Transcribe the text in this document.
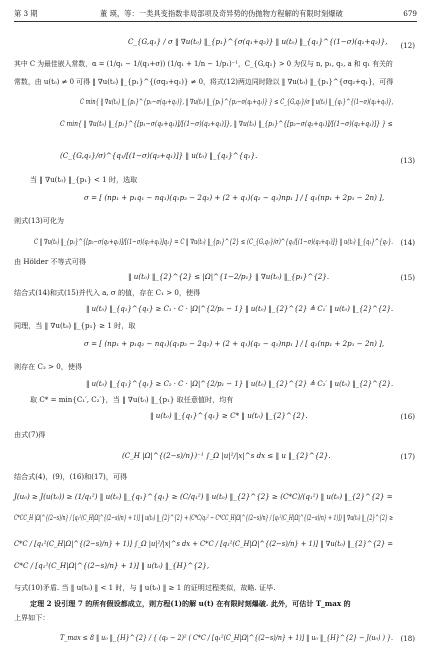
第 3 期	董 瑛，等：一类具变指数非局部项及奇异势的伪抛物方程解的有限时刻爆破	679
C_{G,q₁} / σ ‖ ∇u(t₀) ‖_{p₁}^{σ(q₁+q₂)} ‖ u(t₀) ‖_{q₁}^{(1−σ)(q₁+q₂)}, (12)
其中 C 为最佳嵌入常数，α = (1/q₁ − 1/(q₁+σ)) (1/q₁ + 1/n − 1/p₁)⁻¹，C_{G,q₁} > 0 为仅与 n, p₁, q₂, a 和 q₁ 有关的
常数，由 u(t₀) ≠ 0 可得 ‖ ∇u(t₀) ‖_{p₁}^{(σq₂+q₁)} ≠ 0，将式(12)两边同时除以 ‖ ∇u(t₀) ‖_{p₁}^{σq₂+q₁}，可得
C min{ ‖ ∇u(t₀) ‖_{p₁}^{p₁−σ(q₂+q₁)}, ‖ ∇u(t₀) ‖_{p₁}^{p₂−σ(q₂+q₁)} } ≤ C_{G,q₁}/σ ‖ u(t₀) ‖_{q₁}^{(1−σ)(q₂+q₁)},
C min{ ‖ ∇u(t₀) ‖_{p₁}^{[p₁−σ(q₂+q₁)]/[(1−σ)(q₂+q₁)]}, ‖ ∇u(t₀) ‖_{p₁}^{[p₂−σ(q₂+q₁)]/[(1−σ)(q₂+q₁)]} } ≤
(C_{G,q₁}/σ)^{q₁/[(1−σ)(q₂+q₁)]} ‖ u(t₀) ‖_{q₁}^{q₁}.
(13)
当 ‖ ∇u(t₀) ‖_{p₁} < 1 时，选取
σ = [ (np₁ + p₁q₁ − nq₁)(q₁p₂ − 2q₂) + (2 + q₁)(q₂ − q₁)np₁ ] / [ q₁(np₁ + 2p₁ − 2n) ],
则式(13)可化为
C ‖ ∇u(t₀) ‖_{p₁}^{[p₂−σ(q₂+q₁)]/[(1−σ)(q₂+q₁)]q₁} = C ‖ ∇u(t₀) ‖_{p₁}^{2} ≤ (C_{G,q₁}/σ)^{q₁/[(1−σ)(q₂+q₁)]} ‖ u(t₀) ‖_{q₁}^{q₁}. (14)
由 Hölder 不等式可得
‖ u(t₀) ‖_{2}^{2} ≤ |Ω|^{1−2/p₁} ‖ ∇u(t₀) ‖_{p₁}^{2}.	(15)
结合式(14)和式(15)并代入 a, σ 的值，存在 C₁ > 0，使得
‖ u(t₀) ‖_{q₁}^{q₁} ≥ C₁ · C · |Ω|^{2/p₁ − 1} ‖ u(t₀) ‖_{2}^{2} ≜ C₁′ ‖ u(t₀) ‖_{2}^{2}.
同理，当 ‖ ∇u(t₀) ‖_{p₁} ≥ 1 时，取
σ = [ (np₁ + p₁q₂ − nq₁)(q₁p₂ − 2q₂) + (2 + q₁)(q₂ − q₁)np₁ ] / [ q₁(np₁ + 2p₁ − 2n) ],
则存在 C₂ > 0，使得
‖ u(t₀) ‖_{q₁}^{q₁} ≥ C₂ · C · |Ω|^{2/p₁ − 1} ‖ u(t₀) ‖_{2}^{2} ≜ C₂′ ‖ u(t₀) ‖_{2}^{2}.
取 C* = min{C₁′, C₂′}，当 ‖ ∇u(t₀) ‖_{p₁} 取任意值时，均有
‖ u(t₀) ‖_{q₁}^{q₁} ≥ C* ‖ u(t₀) ‖_{2}^{2}.	(16)
由式(7)得
(C_H |Ω|^{(2−s)/n})⁻¹ ∫_Ω |u|²/|x|^s dx ≤ ‖ u ‖_{2}^{2}.	(17)
结合式(4)，(9)，(16)和(17)，可得
J(u₀) ≥ J(u(t₀)) ≥ (1/q₁²) ‖ u(t₀) ‖_{q₁}^{q₁} ≥ (C/q₁²) ‖ u(t₀) ‖_{2}^{2} ≥ (C*C)/(q₁²) ‖ u(t₀) ‖_{2}^{2} =
C*CC_H |Ω|^{(2−s)/n} / [q₁²(C_H|Ω|^{(2−s)/n} + 1)] ‖ u(t₀) ‖_{2}^{2} + (C*C/q₁² − C*CC_H|Ω|^{(2−s)/n} / [q₁²(C_H|Ω|^{(2−s)/n} + 1)]) ‖ ∇u(t₀) ‖_{2}^{2} ≥
C*C / [q₁²(C_H|Ω|^{(2−s)/n} + 1)] ∫_Ω |u|²/|x|^s dx + C*C / [q₁²(C_H|Ω|^{(2−s)/n} + 1)] ‖ ∇u(t₀) ‖_{2}^{2} =
C*C / [q₁²(C_H|Ω|^{(2−s)/n} + 1)] ‖ u(t₀) ‖_{H}^{2},
与式(10)矛盾. 当 ‖ u(t₀) ‖ < 1 时，与 ‖ u(t₀) ‖ ≥ 1 的证明过程类似，故略. 证毕.
定理 2 设引理 7 的所有假设都成立，则方程(1)的解 u(t) 在有限时刻爆破. 此外，可估计 T_max 的
上界如下：
T_max ≤ 8 ‖ u₀ ‖_{H}^{2} / { (q₂ − 2)² ( C*C / [q₁²(C_H|Ω|^{(2−s)/n} + 1)] ‖ u₀ ‖_{H}^{2} − J(u₀) ) }. (18)
